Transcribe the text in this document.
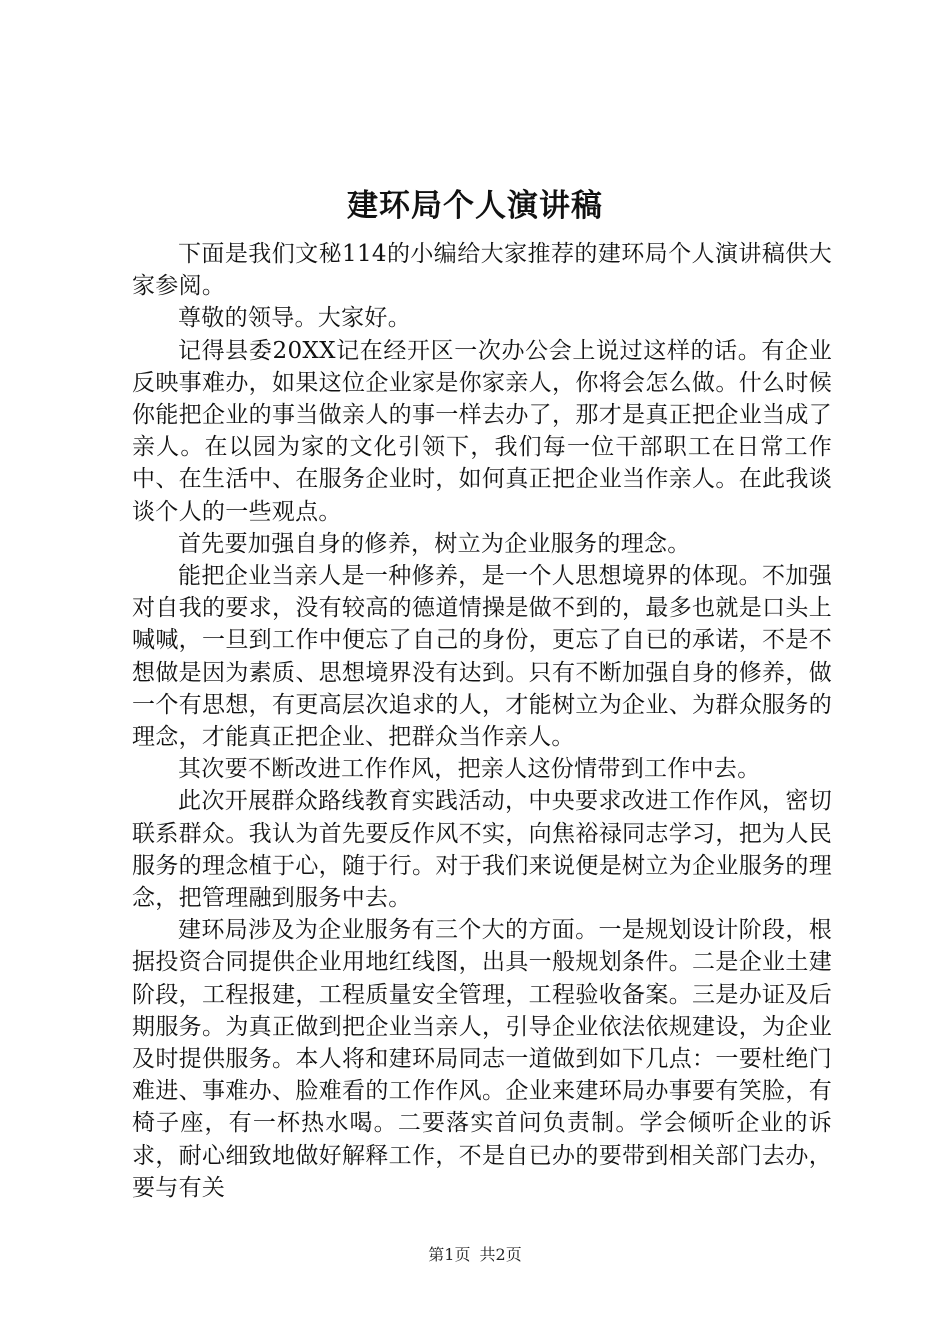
建环局个人演讲稿

下面是我们文秘114的小编给大家推荐的建环局个人演讲稿供大家参阅。

尊敬的领导。大家好。

记得县委20XX记在经开区一次办公会上说过这样的话。有企业反映事难办，如果这位企业家是你家亲人，你将会怎么做。什么时候你能把企业的事当做亲人的事一样去办了，那才是真正把企业当成了亲人。在以园为家的文化引领下，我们每一位干部职工在日常工作中、在生活中、在服务企业时，如何真正把企业当作亲人。在此我谈谈个人的一些观点。

首先要加强自身的修养，树立为企业服务的理念。

能把企业当亲人是一种修养，是一个人思想境界的体现。不加强对自我的要求，没有较高的德道情操是做不到的，最多也就是口头上喊喊，一旦到工作中便忘了自己的身份，更忘了自已的承诺，不是不想做是因为素质、思想境界没有达到。只有不断加强自身的修养，做一个有思想，有更高层次追求的人，才能树立为企业、为群众服务的理念，才能真正把企业、把群众当作亲人。

其次要不断改进工作作风，把亲人这份情带到工作中去。

此次开展群众路线教育实践活动，中央要求改进工作作风，密切联系群众。我认为首先要反作风不实，向焦裕禄同志学习，把为人民服务的理念植于心，随于行。对于我们来说便是树立为企业服务的理念，把管理融到服务中去。

建环局涉及为企业服务有三个大的方面。一是规划设计阶段，根据投资合同提供企业用地红线图，出具一般规划条件。二是企业土建阶段，工程报建，工程质量安全管理，工程验收备案。三是办证及后期服务。为真正做到把企业当亲人，引导企业依法依规建设，为企业及时提供服务。本人将和建环局同志一道做到如下几点：一要杜绝门难进、事难办、脸难看的工作作风。企业来建环局办事要有笑脸，有椅子座，有一杯热水喝。二要落实首问负责制。学会倾听企业的诉求，耐心细致地做好解释工作，不是自已办的要带到相关部门去办，要与有关

第1页 共2页
